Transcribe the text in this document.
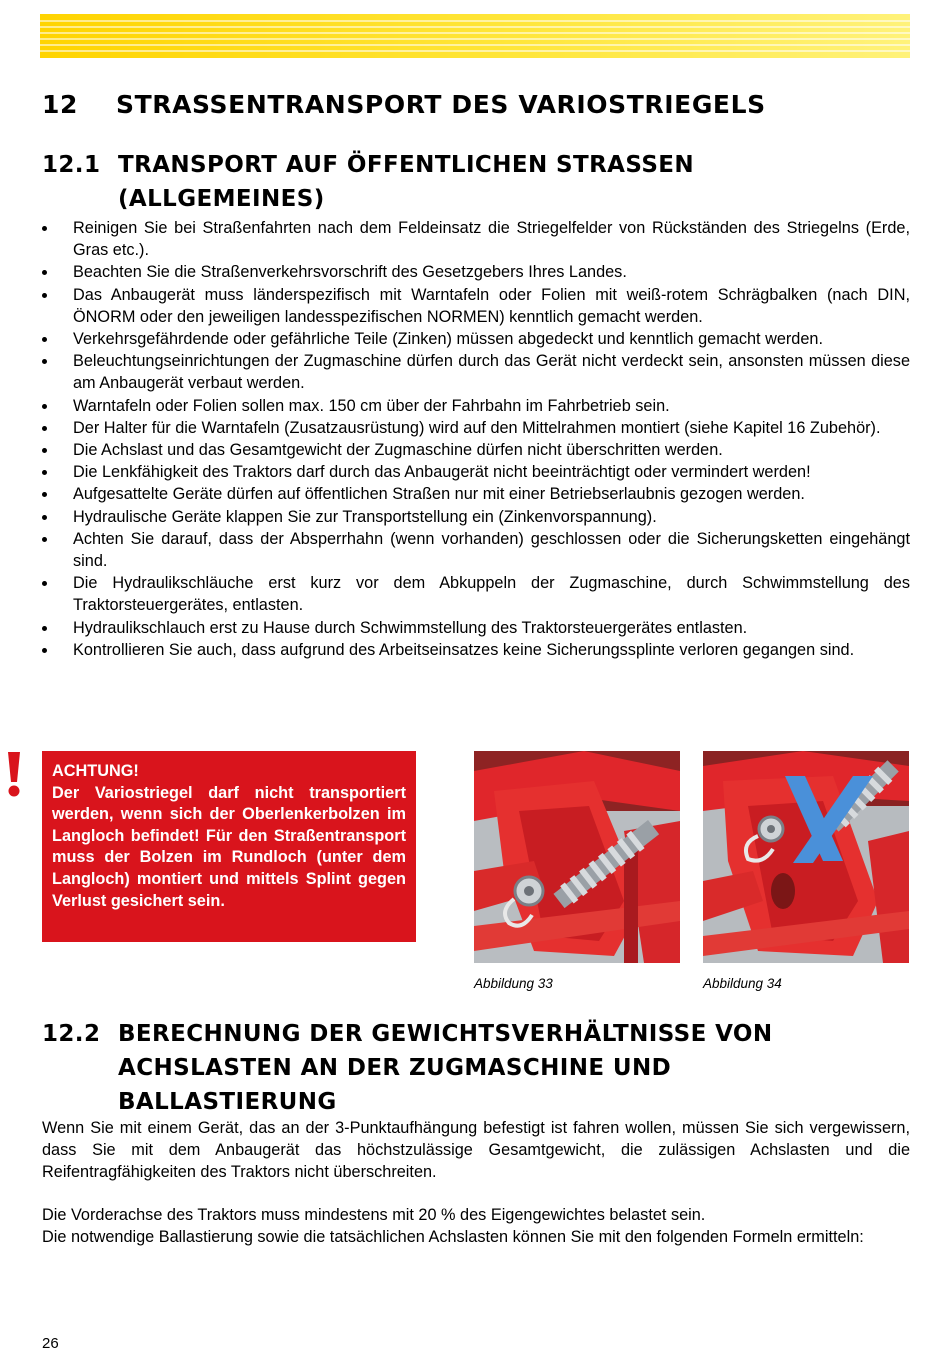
12 STRASSENTRANSPORT DES VARIOSTRIEGELS
12.1 TRANSPORT AUF ÖFFENTLICHEN STRASSEN
(ALLGEMEINES)
Reinigen Sie bei Straßenfahrten nach dem Feldeinsatz die Striegelfelder von Rückständen des Striegelns (Erde, Gras etc.).
Beachten Sie die Straßenverkehrsvorschrift des Gesetzgebers Ihres Landes.
Das Anbaugerät muss länderspezifisch mit Warntafeln oder Folien mit weiß-rotem Schrägbalken (nach DIN, ÖNORM oder den jeweiligen landesspezifischen NORMEN) kenntlich gemacht werden.
Verkehrsgefährdende oder gefährliche Teile (Zinken) müssen abgedeckt und kenntlich gemacht werden.
Beleuchtungseinrichtungen der Zugmaschine dürfen durch das Gerät nicht verdeckt sein, ansonsten müssen diese am Anbaugerät verbaut werden.
Warntafeln oder Folien sollen max. 150 cm über der Fahrbahn im Fahrbetrieb sein.
Der Halter für die Warntafeln (Zusatzausrüstung) wird auf den Mittelrahmen montiert (siehe Kapitel 16 Zubehör).
Die Achslast und das Gesamtgewicht der Zugmaschine dürfen nicht überschritten werden.
Die Lenkfähigkeit des Traktors darf durch das Anbaugerät nicht beeinträchtigt oder vermindert werden!
Aufgesattelte Geräte dürfen auf öffentlichen Straßen nur mit einer Betriebserlaubnis gezogen werden.
Hydraulische Geräte klappen Sie zur Transportstellung ein (Zinkenvorspannung).
Achten Sie darauf, dass der Absperrhahn (wenn vorhanden) geschlossen oder die Sicherungsketten eingehängt sind.
Die Hydraulikschläuche erst kurz vor dem Abkuppeln der Zugmaschine, durch Schwimmstellung des Traktorsteuergerätes, entlasten.
Hydraulikschlauch erst zu Hause durch Schwimmstellung des Traktorsteuergerätes entlasten.
Kontrollieren Sie auch, dass aufgrund des Arbeitseinsatzes keine Sicherungssplinte verloren gegangen sind.
ACHTUNG!
Der Variostriegel darf nicht transportiert werden, wenn sich der Oberlenkerbolzen im Langloch befindet! Für den Straßentransport muss der Bolzen im Rundloch (unter dem Langloch) montiert und mittels Splint gegen Verlust gesichert sein.
Abbildung 33	Abbildung 34
12.2 BERECHNUNG DER GEWICHTSVERHÄLTNISSE VON
ACHSLASTEN AN DER ZUGMASCHINE UND
BALLASTIERUNG

Wenn Sie mit einem Gerät, das an der 3-Punktaufhängung befestigt ist fahren wollen, müssen Sie sich vergewissern, dass Sie mit dem Anbaugerät das höchstzulässige Gesamtgewicht, die zulässigen Achslasten und die Reifentragfähigkeiten des Traktors nicht überschreiten.

Die Vorderachse des Traktors muss mindestens mit 20 % des Eigengewichtes belastet sein.

Die notwendige Ballastierung sowie die tatsächlichen Achslasten können Sie mit den folgenden Formeln ermitteln:

26
